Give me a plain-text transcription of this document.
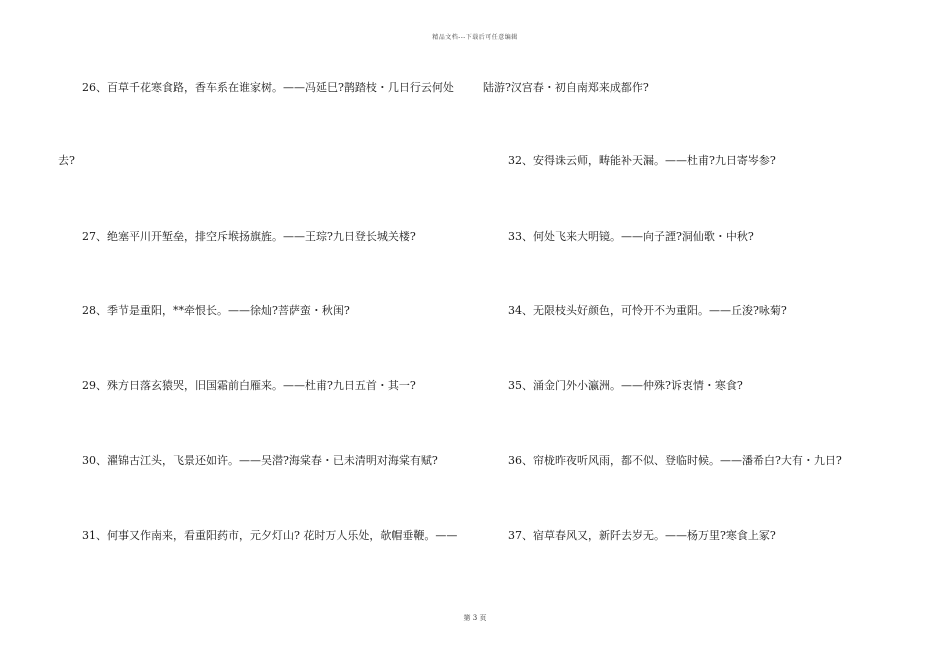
精品文档---下载后可任意编辑
26、百草千花寒食路，香车系在谁家树。——冯延巳?鹊踏枝・几日行云何处
去?
27、绝塞平川开堑垒，排空斥堠扬旗旌。——王琮?九日登长城关楼?
28、季节是重阳，**牵恨长。——徐灿?菩萨蛮・秋闺?
29、殊方日落玄猿哭，旧国霜前白雁来。——杜甫?九日五首・其一?
30、濯锦古江头，飞景还如许。——吴潜?海棠春・已未清明对海棠有赋?
31、何事又作南来，看重阳药市，元夕灯山? 花时万人乐处，欹帽垂鞭。——
陆游?汉宫春・初自南郑来成都作?
32、安得诛云师，畴能补天漏。——杜甫?九日寄岑参?
33、何处飞来大明镜。——向子諲?洞仙歌・中秋?
34、无限枝头好颜色，可怜开不为重阳。——丘浚?咏菊?
35、涌金门外小瀛洲。——仲殊?诉衷情・寒食?
36、帘栊昨夜听风雨，都不似、登临时候。——潘希白?大有・九日?
37、宿草春风又，新阡去岁无。——杨万里?寒食上冢?
第 3 页
